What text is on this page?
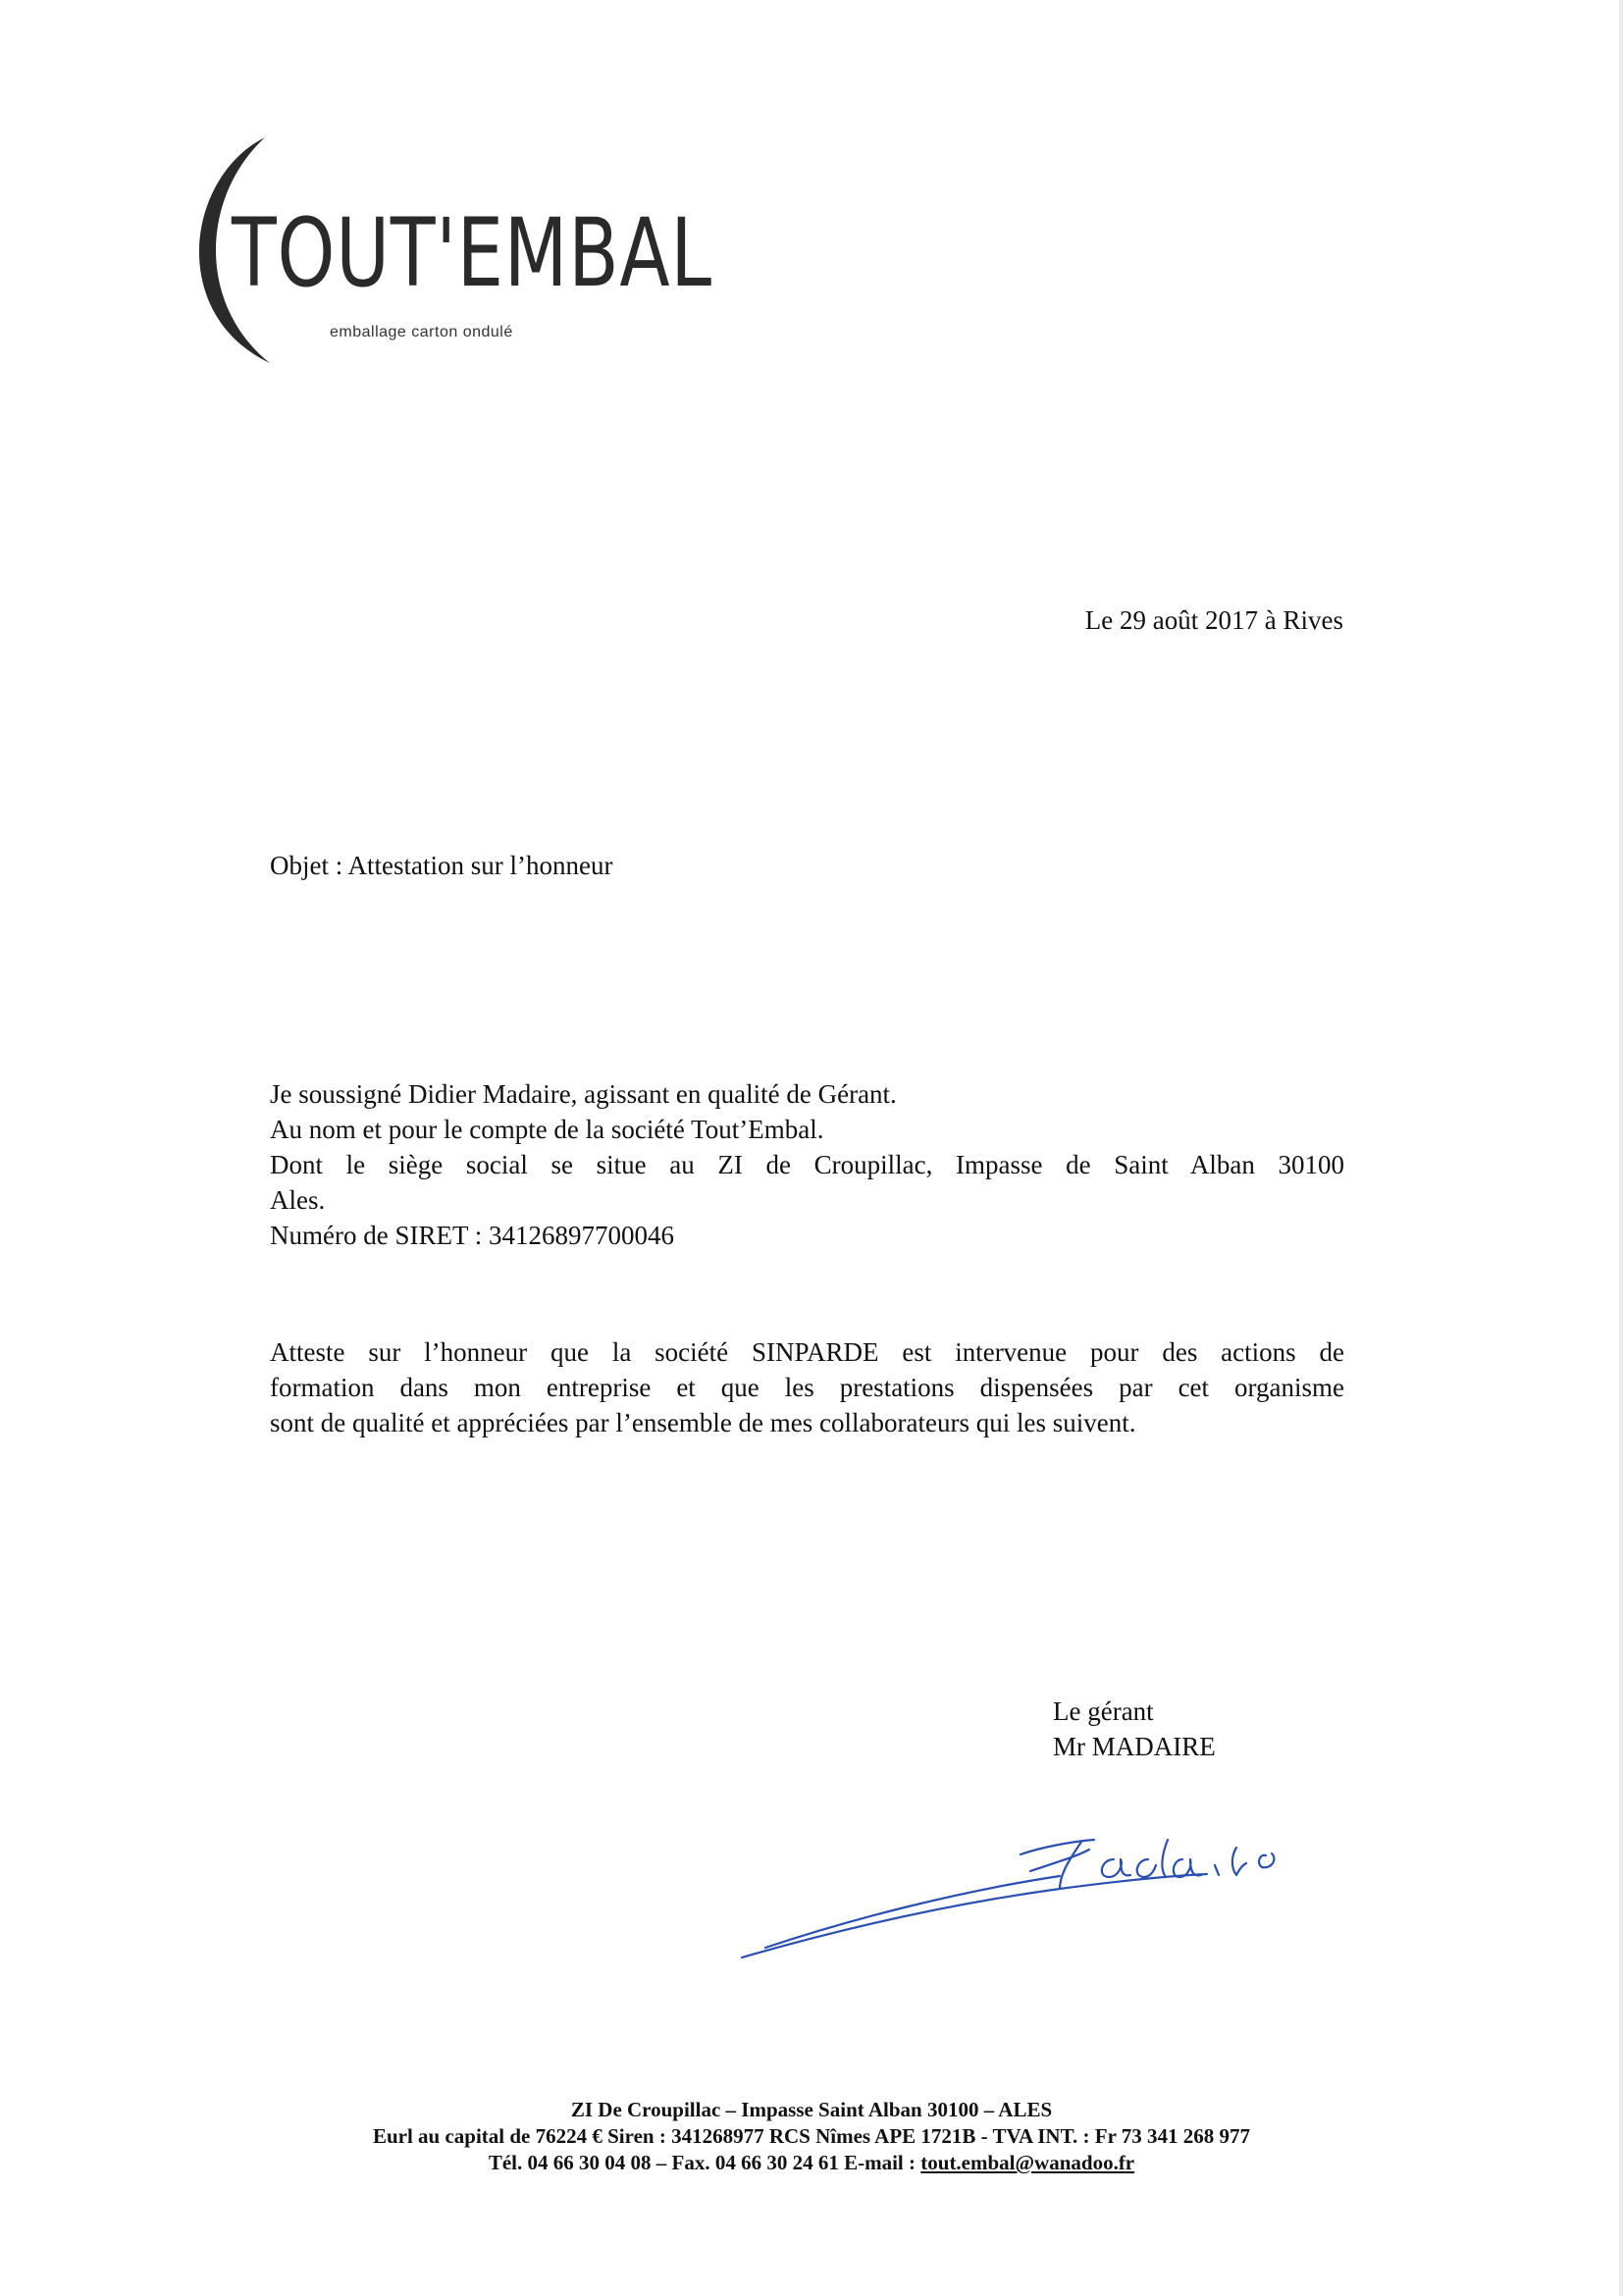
TOUT'EMBAL
emballage carton ondulé
Le 29 août 2017 à Rives
Objet : Attestation sur l’honneur
Je soussigné Didier Madaire, agissant en qualité de Gérant.
Au nom et pour le compte de la société Tout’Embal.
Dont le siège social se situe au ZI de Croupillac, Impasse de Saint Alban 30100
Ales.
Numéro de SIRET : 34126897700046
Atteste sur l’honneur que la société SINPARDE est intervenue pour des actions de
formation dans mon entreprise et que les prestations dispensées par cet organisme
sont de qualité et appréciées par l’ensemble de mes collaborateurs qui les suivent.
Le gérant
Mr MADAIRE
ZI De Croupillac – Impasse Saint Alban 30100 – ALES
Eurl au capital de 76224 € Siren : 341268977 RCS Nîmes APE 1721B - TVA INT. : Fr 73 341 268 977
Tél. 04 66 30 04 08 – Fax. 04 66 30 24 61 E-mail : tout.embal@wanadoo.fr
